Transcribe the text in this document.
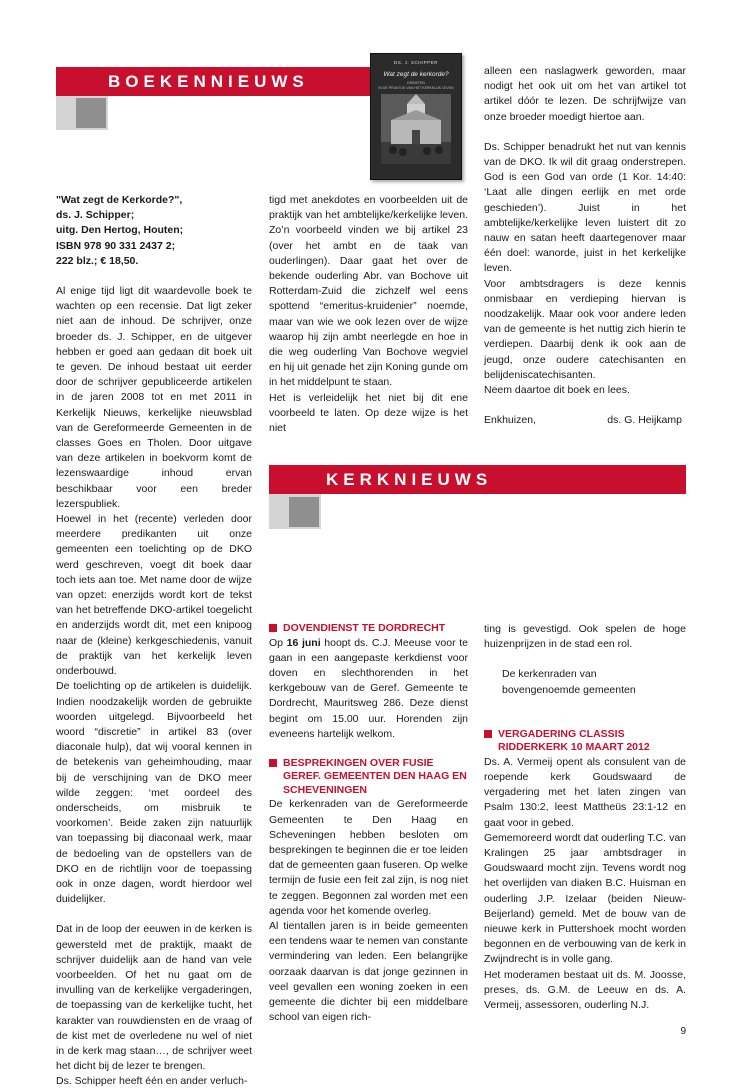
BOEKENNIEUWS
DS. J. SCHIPPER
Wat zegt de kerkorde?
DIENSTEN
IN DE PRAKTIJK VAN HET KERKELIJK LEVEN

"Wat zegt de Kerkorde?",

ds. J. Schipper;

uitg. Den Hertog, Houten;

ISBN 978 90 331 2437 2;

222 blz.; € 18,50.

Al enige tijd ligt dit waardevolle boek te wachten op een recensie. Dat ligt zeker niet aan de inhoud. De schrijver, onze broeder ds. J. Schipper, en de uitgever hebben er goed aan gedaan dit boek uit te geven. De inhoud bestaat uit eerder door de schrijver gepubliceerde artikelen in de jaren 2008 tot en met 2011 in Kerkelijk Nieuws, kerkelijke nieuwsblad van de Gereformeerde Gemeenten in de classes Goes en Tholen. Door uitgave van deze artikelen in boekvorm komt de lezenswaardige inhoud ervan beschikbaar voor een breder lezerspubliek.

Hoewel in het (recente) verleden door meerdere predikanten uit onze gemeenten een toelichting op de DKO werd geschreven, voegt dit boek daar toch iets aan toe. Met name door de wijze van opzet: enerzijds wordt kort de tekst van het betreffende DKO-artikel toegelicht en anderzijds wordt dit, met een knipoog naar de (kleine) kerkgeschiedenis, vanuit de praktijk van het kerkelijk leven onderbouwd.

De toelichting op de artikelen is duidelijk. Indien noodzakelijk worden de gebruikte woorden uitgelegd. Bijvoorbeeld het woord “discretie” in artikel 83 (over diaconale hulp), dat wij vooral kennen in de betekenis van geheimhouding, maar bij de verschijning van de DKO meer wilde zeggen: ‘met oordeel des onderscheids, om misbruik te voorkomen’. Beide zaken zijn natuurlijk van toepassing bij diaconaal werk, maar de bedoeling van de opstellers van de DKO en de richtlijn voor de toepassing ook in onze dagen, wordt hierdoor wel duidelijker.

Dat in de loop der eeuwen in de kerken is gewersteld met de praktijk, maakt de schrijver duidelijk aan de hand van vele voorbeelden. Of het nu gaat om de invulling van de kerkelijke vergaderingen, de toepassing van de kerkelijke tucht, het karakter van rouwdiensten en de vraag of de kist met de overledene nu wel of niet in de kerk mag staan…, de schrijver weet het dicht bij de lezer te brengen.

Ds. Schipper heeft één en ander verluch-

tigd met anekdotes en voorbeelden uit de praktijk van het ambtelijke/kerkelijke leven. Zo’n voorbeeld vinden we bij artikel 23 (over het ambt en de taak van ouderlingen). Daar gaat het over de bekende ouderling Abr. van Bochove uit Rotterdam-Zuid die zichzelf wel eens spottend “emeritus-kruidenier” noemde, maar van wie we ook lezen over de wijze waarop hij zijn ambt neerlegde en hoe in die weg ouderling Van Bochove wegviel en hij uit genade het zijn Koning gunde om in het middelpunt te staan.

Het is verleidelijk het niet bij dit ene voorbeeld te laten. Op deze wijze is het niet

alleen een naslagwerk geworden, maar nodigt het ook uit om het van artikel tot artikel dóór te lezen. De schrijfwijze van onze broeder moedigt hiertoe aan.

Ds. Schipper benadrukt het nut van kennis van de DKO. Ik wil dit graag onderstrepen. God is een God van orde (1 Kor. 14:40: ‘Laat alle dingen eerlijk en met orde geschieden’). Juist in het ambtelijke/kerkelijke leven luistert dit zo nauw en satan heeft daartegenover maar één doel: wanorde, juist in het kerkelijke leven.

Voor ambtsdragers is deze kennis onmisbaar en verdieping hiervan is noodzakelijk. Maar ook voor andere leden van de gemeente is het nuttig zich hierin te verdiepen. Daarbij denk ik ook aan de jeugd, onze oudere catechisanten en belijdeniscatechisanten.

Neem daartoe dit boek en lees.

Enkhuizen,	ds. G. Heijkamp
KERKNIEUWS
DOVENDIENST TE DORDRECHT

Op 16 juni hoopt ds. C.J. Meeuse voor te gaan in een aangepaste kerkdienst voor doven en slechthorenden in het kerkgebouw van de Geref. Gemeente te Dordrecht, Mauritsweg 286. Deze dienst begint om 15.00 uur. Horenden zijn eveneens hartelijk welkom.

BESPREKINGEN OVER FUSIE GEREF. GEMEENTEN DEN HAAG EN SCHEVENINGEN

De kerkenraden van de Gereformeerde Gemeenten te Den Haag en Scheveningen hebben besloten om besprekingen te beginnen die er toe leiden dat de gemeenten gaan fuseren. Op welke termijn de fusie een feit zal zijn, is nog niet te zeggen. Begonnen zal worden met een agenda voor het komende overleg.

Al tientallen jaren is in beide gemeenten een tendens waar te nemen van constante vermindering van leden. Een belangrijke oorzaak daarvan is dat jonge gezinnen in veel gevallen een woning zoeken in een gemeente die dichter bij een middelbare school van eigen rich-

ting is gevestigd. Ook spelen de hoge huizenprijzen in de stad een rol.

De kerkenraden van

bovengenoemde gemeenten

VERGADERING CLASSIS RIDDERKERK 10 MAART 2012

Ds. A. Vermeij opent als consulent van de roepende kerk Goudswaard de vergadering met het laten zingen van Psalm 130:2, leest Mattheüs 23:1-12 en gaat voor in gebed.

Gememoreerd wordt dat ouderling T.C. van Kralingen 25 jaar ambtsdrager in Goudswaard mocht zijn. Tevens wordt nog het overlijden van diaken B.C. Huisman en ouderling J.P. Izelaar (beiden Nieuw-Beijerland) gemeld. Met de bouw van de nieuwe kerk in Puttershoek mocht worden begonnen en de verbouwing van de kerk in Zwijndrecht is in volle gang.

Het moderamen bestaat uit ds. M. Joosse, preses, ds. G.M. de Leeuw en ds. A. Vermeij, assessoren, ouderling N.J.

9
